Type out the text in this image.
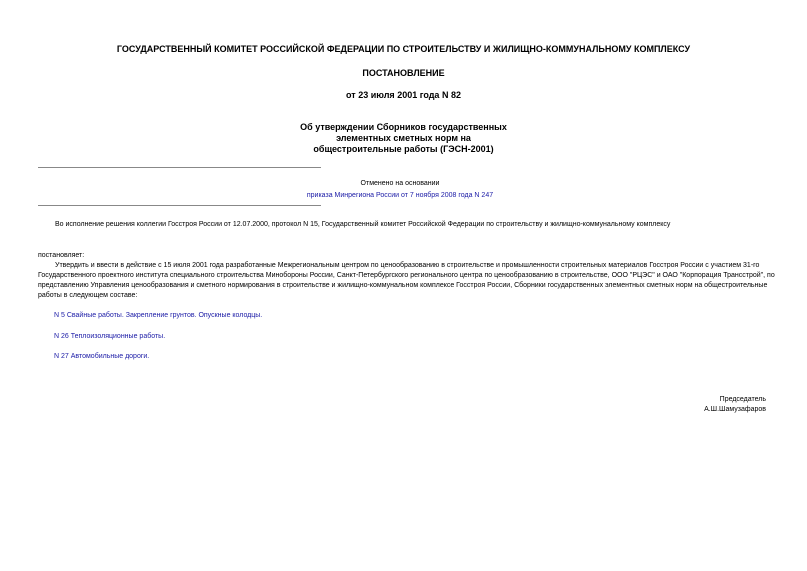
ГОСУДАРСТВЕННЫЙ КОМИТЕТ РОССИЙСКОЙ ФЕДЕРАЦИИ ПО СТРОИТЕЛЬСТВУ И ЖИЛИЩНО-КОММУНАЛЬНОМУ КОМПЛЕКСУ
ПОСТАНОВЛЕНИЕ
от 23 июля 2001 года N 82
Об утверждении Сборников государственных
элементных сметных норм на
общестроительные работы (ГЭСН-2001)
Отменено на основании
приказа Минрегиона России от 7 ноября 2008 года N 247
Во исполнение решения коллегии Госстроя России от 12.07.2000, протокол N 15, Государственный комитет Российской Федерации по строительству и жилищно-коммунальному комплексу
постановляет:
Утвердить и ввести в действие с 15 июля 2001 года разработанные Межрегиональным центром по ценообразованию в строительстве и промышленности строительных материалов Госстроя России с участием 31-го Государственного проектного института специального строительства Минобороны России, Санкт-Петербургского регионального центра по ценообразованию в строительстве, ООО "РЦЭС" и ОАО "Корпорация Трансстрой", по представлению Управления ценообразования и сметного нормирования в строительстве и жилищно-коммунальном комплексе Госстроя России, Сборники государственных элементных сметных норм на общестроительные работы в следующем составе:
N 5 Свайные работы. Закрепление грунтов. Опускные колодцы.
N 26 Теплоизоляционные работы.
N 27 Автомобильные дороги.
Председатель
А.Ш.Шамузафаров
